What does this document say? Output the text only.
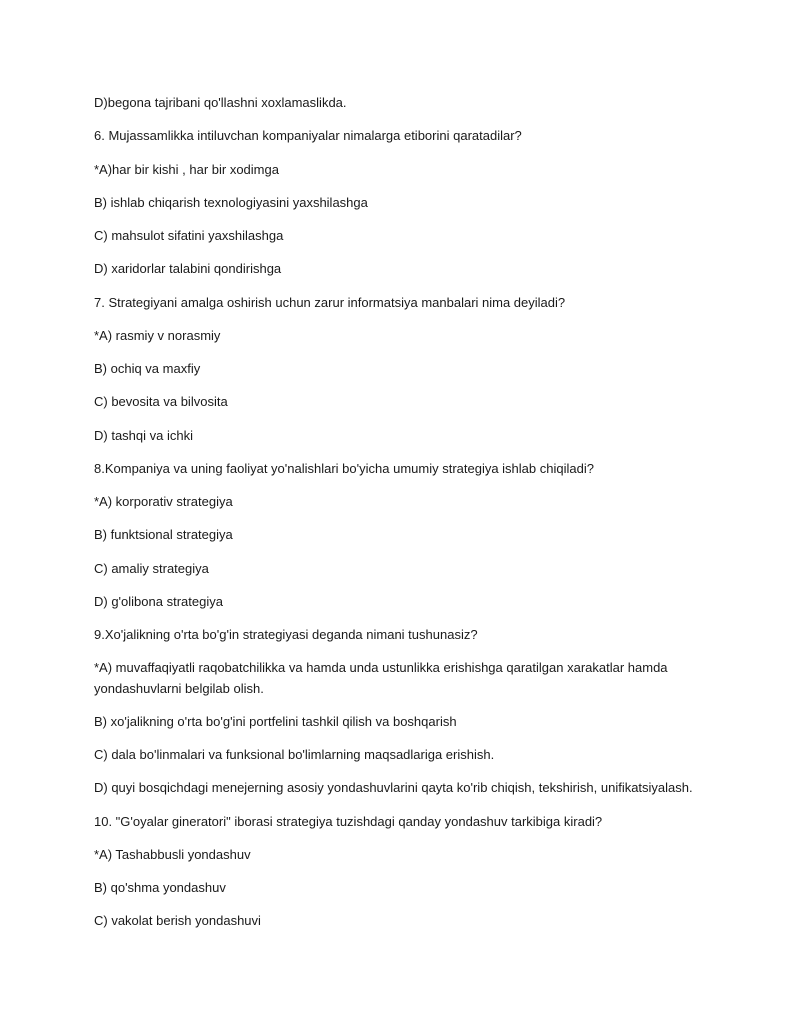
D)begona tajribani qo'llashni xoxlamaslikda.
6. Mujassamlikka intiluvchan kompaniyalar nimalarga etiborini qaratadilar?
*A)har bir kishi , har bir xodimga
B) ishlab chiqarish texnologiyasini yaxshilashga
C) mahsulot sifatini yaxshilashga
D) xaridorlar talabini qondirishga
7. Strategiyani amalga oshirish uchun zarur informatsiya manbalari nima deyiladi?
*A) rasmiy v norasmiy
B) ochiq va maxfiy
C) bevosita va bilvosita
D) tashqi va ichki
8.Kompaniya va uning faoliyat yo'nalishlari bo'yicha umumiy strategiya ishlab chiqiladi?
*A) korporativ strategiya
B) funktsional strategiya
C) amaliy strategiya
D) g'olibona strategiya
9.Xo'jalikning o'rta bo'g'in strategiyasi deganda nimani tushunasiz?
*A) muvaffaqiyatli raqobatchilikka va hamda unda ustunlikka erishishga qaratilgan xarakatlar hamda yondashuvlarni belgilab olish.
B) xo'jalikning o'rta bo'g'ini portfelini tashkil qilish va boshqarish
C) dala bo'linmalari va funksional bo'limlarning maqsadlariga erishish.
D) quyi bosqichdagi menejerning asosiy yondashuvlarini qayta ko'rib chiqish, tekshirish, unifikatsiyalash.
10. "G'oyalar gineratori" iborasi strategiya tuzishdagi qanday yondashuv tarkibiga kiradi?
*A) Tashabbusli yondashuv
B) qo'shma yondashuv
C) vakolat berish yondashuvi
